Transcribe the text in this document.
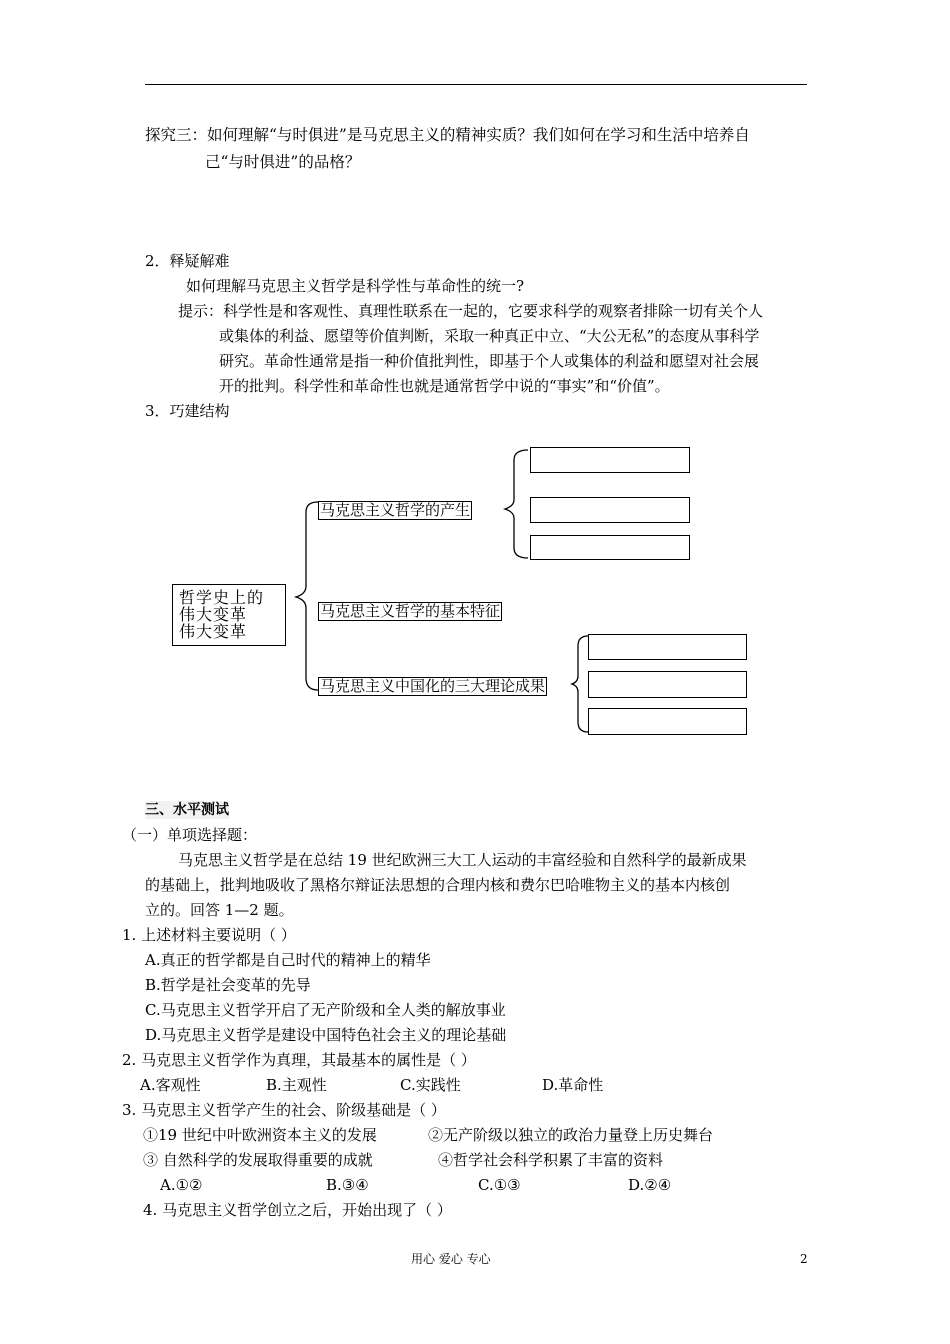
探究三：如何理解“与时俱进”是马克思主义的精神实质？我们如何在学习和生活中培养自
己“与时俱进”的品格？
2．释疑解难
如何理解马克思主义哲学是科学性与革命性的统一?
提示：科学性是和客观性、真理性联系在一起的，它要求科学的观察者排除一切有关个人
或集体的利益、愿望等价值判断，采取一种真正中立、“大公无私”的态度从事科学
研究。革命性通常是指一种价值批判性，即基于个人或集体的利益和愿望对社会展
开的批判。科学性和革命性也就是通常哲学中说的“事实”和“价值”。
3．巧建结构
哲学史上的
伟大变革
伟大变革
马克思主义哲学的产生
马克思主义哲学的基本特征
马克思主义中国化的三大理论成果
三、水平测试
（一）单项选择题：
马克思主义哲学是在总结 19 世纪欧洲三大工人运动的丰富经验和自然科学的最新成果
的基础上，批判地吸收了黑格尔辩证法思想的合理内核和费尔巴哈唯物主义的基本内核创
立的。回答 1—2 题。
1. 上述材料主要说明（ ）
A.真正的哲学都是自己时代的精神上的精华
B.哲学是社会变革的先导
C.马克思主义哲学开启了无产阶级和全人类的解放事业
D.马克思主义哲学是建设中国特色社会主义的理论基础
2. 马克思主义哲学作为真理，其最基本的属性是（ ）
A.客观性	B.主观性	C.实践性	D.革命性
3. 马克思主义哲学产生的社会、阶级基础是（ ）
①19 世纪中叶欧洲资本主义的发展	②无产阶级以独立的政治力量登上历史舞台
③ 自然科学的发展取得重要的成就	④哲学社会科学积累了丰富的资料
A.①②	B.③④	C.①③	D.②④
4. 马克思主义哲学创立之后，开始出现了（ ）
用心 爱心 专心	2
